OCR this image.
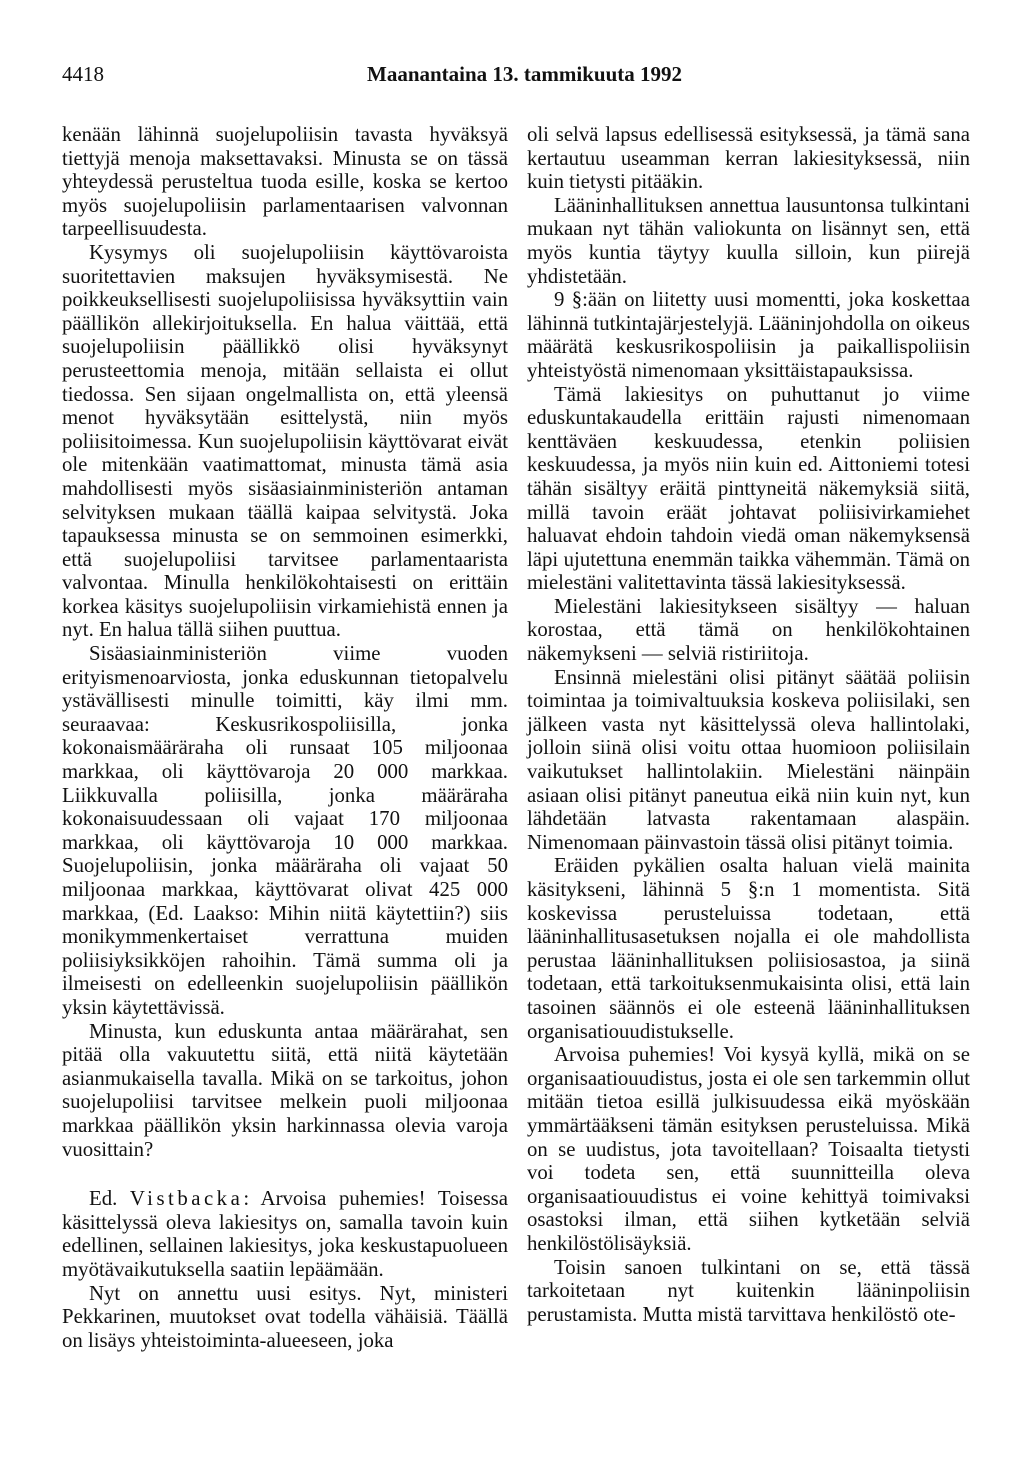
4418	Maanantaina 13. tammikuuta 1992

kenään lähinnä suojelupoliisin tavasta hyväksyä tiettyjä menoja maksettavaksi. Minusta se on tässä yhteydessä perusteltua tuoda esille, koska se kertoo myös suojelupoliisin parlamentaarisen valvonnan tarpeellisuudesta.

Kysymys oli suojelupoliisin käyttövaroista suoritettavien maksujen hyväksymisestä. Ne poikkeuksellisesti suojelupoliisissa hyväksyttiin vain päällikön allekirjoituksella. En halua väittää, että suojelupoliisin päällikkö olisi hyväksynyt perusteettomia menoja, mitään sellaista ei ollut tiedossa. Sen sijaan ongelmallista on, että yleensä menot hyväksytään esittelystä, niin myös poliisitoimessa. Kun suojelupoliisin käyttövarat eivät ole mitenkään vaatimattomat, minusta tämä asia mahdollisesti myös sisäasiainministeriön antaman selvityksen mukaan täällä kaipaa selvitystä. Joka tapauksessa minusta se on semmoinen esimerkki, että suojelupoliisi tarvitsee parlamentaarista valvontaa. Minulla henkilökohtaisesti on erittäin korkea käsitys suojelupoliisin virkamiehistä ennen ja nyt. En halua tällä siihen puuttua.

Sisäasiainministeriön viime vuoden erityismenoarviosta, jonka eduskunnan tietopalvelu ystävällisesti minulle toimitti, käy ilmi mm. seuraavaa: Keskusrikospoliisilla, jonka kokonaismääräraha oli runsaat 105 miljoonaa markkaa, oli käyttövaroja 20 000 markkaa. Liikkuvalla poliisilla, jonka määräraha kokonaisuudessaan oli vajaat 170 miljoonaa markkaa, oli käyttövaroja 10 000 markkaa. Suojelupoliisin, jonka määräraha oli vajaat 50 miljoonaa markkaa, käyttövarat olivat 425 000 markkaa, (Ed. Laakso: Mihin niitä käytettiin?) siis monikymmenkertaiset verrattuna muiden poliisiyksikköjen rahoihin. Tämä summa oli ja ilmeisesti on edelleenkin suojelupoliisin päällikön yksin käytettävissä.

Minusta, kun eduskunta antaa määrärahat, sen pitää olla vakuutettu siitä, että niitä käytetään asianmukaisella tavalla. Mikä on se tarkoitus, johon suojelupoliisi tarvitsee melkein puoli miljoonaa markkaa päällikön yksin harkinnassa olevia varoja vuosittain?

Ed. Vistbacka: Arvoisa puhemies! Toisessa käsittelyssä oleva lakiesitys on, samalla tavoin kuin edellinen, sellainen lakiesitys, joka keskustapuolueen myötävaikutuksella saatiin lepäämään.

Nyt on annettu uusi esitys. Nyt, ministeri Pekkarinen, muutokset ovat todella vähäisiä. Täällä on lisäys yhteistoiminta-alueeseen, joka

oli selvä lapsus edellisessä esityksessä, ja tämä sana kertautuu useamman kerran lakiesityksessä, niin kuin tietysti pitääkin.

Lääninhallituksen annettua lausuntonsa tulkintani mukaan nyt tähän valiokunta on lisännyt sen, että myös kuntia täytyy kuulla silloin, kun piirejä yhdistetään.

9 §:ään on liitetty uusi momentti, joka koskettaa lähinnä tutkintajärjestelyjä. Lääninjohdolla on oikeus määrätä keskusrikospoliisin ja paikallispoliisin yhteistyöstä nimenomaan yksittäistapauksissa.

Tämä lakiesitys on puhuttanut jo viime eduskuntakaudella erittäin rajusti nimenomaan kenttäväen keskuudessa, etenkin poliisien keskuudessa, ja myös niin kuin ed. Aittoniemi totesi tähän sisältyy eräitä pinttyneitä näkemyksiä siitä, millä tavoin eräät johtavat poliisivirkamiehet haluavat ehdoin tahdoin viedä oman näkemyksensä läpi ujutettuna enemmän taikka vähemmän. Tämä on mielestäni valitettavinta tässä lakiesityksessä.

Mielestäni lakiesitykseen sisältyy — haluan korostaa, että tämä on henkilökohtainen näkemykseni — selviä ristiriitoja.

Ensinnä mielestäni olisi pitänyt säätää poliisin toimintaa ja toimivaltuuksia koskeva poliisilaki, sen jälkeen vasta nyt käsittelyssä oleva hallintolaki, jolloin siinä olisi voitu ottaa huomioon poliisilain vaikutukset hallintolakiin. Mielestäni näinpäin asiaan olisi pitänyt paneutua eikä niin kuin nyt, kun lähdetään latvasta rakentamaan alaspäin. Nimenomaan päinvastoin tässä olisi pitänyt toimia.

Eräiden pykälien osalta haluan vielä mainita käsitykseni, lähinnä 5 §:n 1 momentista. Sitä koskevissa perusteluissa todetaan, että lääninhallitusasetuksen nojalla ei ole mahdollista perustaa lääninhallituksen poliisiosastoa, ja siinä todetaan, että tarkoituksenmukaisinta olisi, että lain tasoinen säännös ei ole esteenä lääninhallituksen organisatiouudistukselle.

Arvoisa puhemies! Voi kysyä kyllä, mikä on se organisaatiouudistus, josta ei ole sen tarkemmin ollut mitään tietoa esillä julkisuudessa eikä myöskään ymmärtääkseni tämän esityksen perusteluissa. Mikä on se uudistus, jota tavoitellaan? Toisaalta tietysti voi todeta sen, että suunnitteilla oleva organisaatiouudistus ei voine kehittyä toimivaksi osastoksi ilman, että siihen kytketään selviä henkilöstölisäyksiä.

Toisin sanoen tulkintani on se, että tässä tarkoitetaan nyt kuitenkin lääninpoliisin perustamista. Mutta mistä tarvittava henkilöstö ote-
